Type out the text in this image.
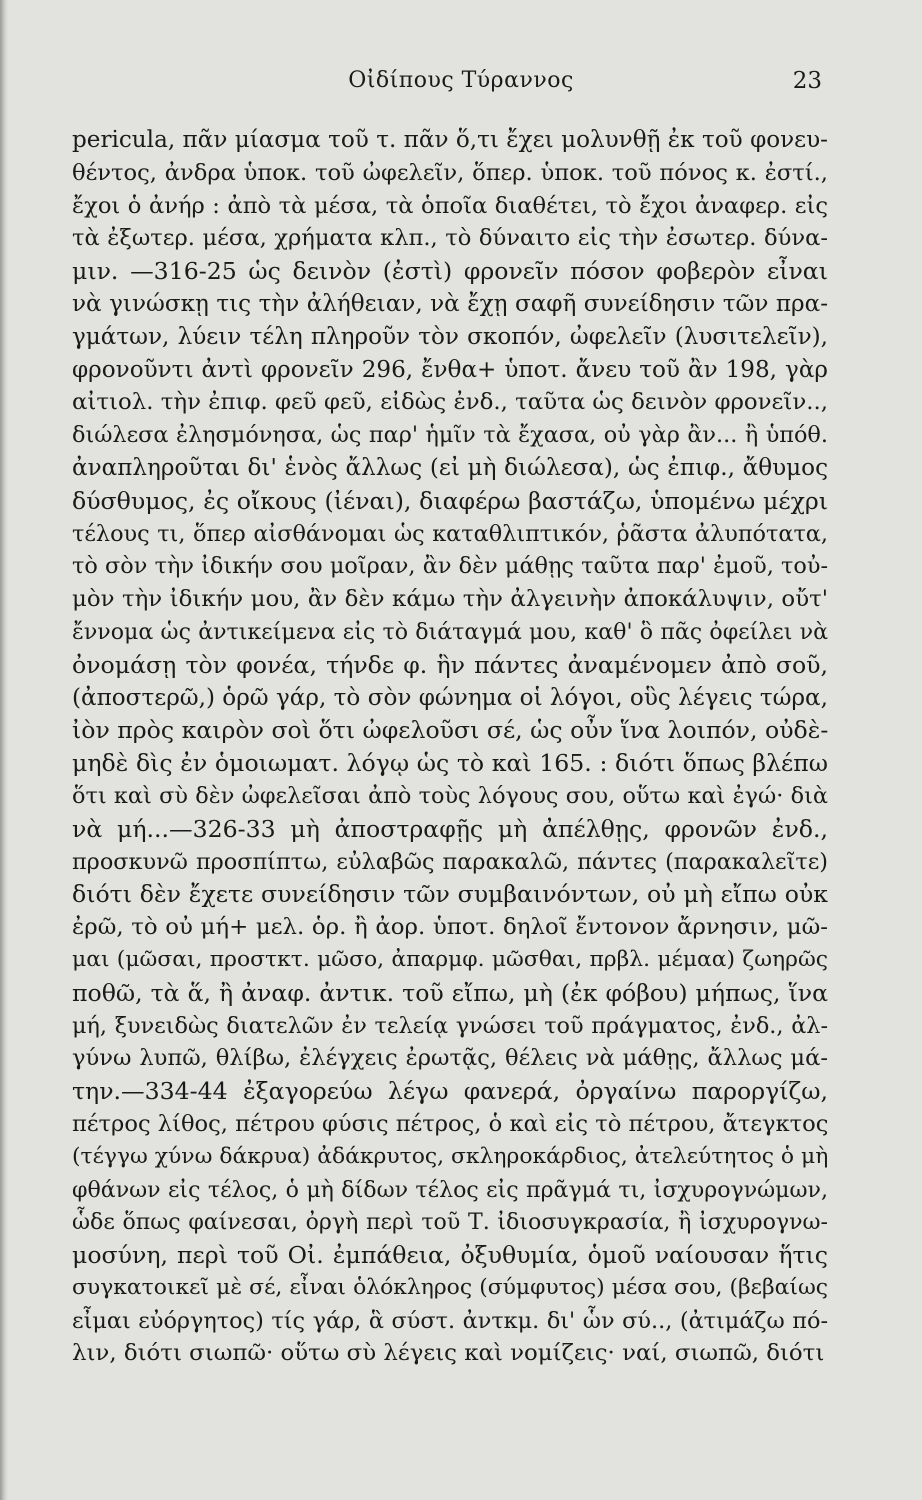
Οἰδίπους Τύραννος	23
pericula, πᾶν μίασμα τοῦ τ. πᾶν ὅ,τι ἔχει μολυνθῇ ἐκ τοῦ φονευ-
θέντος, ἀνδρα ὑποκ. τοῦ ὠφελεῖν, ὅπερ. ὑποκ. τοῦ πόνος κ. ἐστί.,
ἔχοι ὁ ἀνήρ : ἀπὸ τὰ μέσα, τὰ ὁποῖα διαθέτει, τὸ ἔχοι ἀναφερ. εἰς
τὰ ἐξωτερ. μέσα, χρήματα κλπ., τὸ δύναιτο εἰς τὴν ἐσωτερ. δύνα-
μιν. —316-25 ὡς δεινὸν (ἐστὶ) φρονεῖν πόσον φοβερὸν εἶναι
νὰ γινώσκῃ τις τὴν ἀλήθειαν, νὰ ἔχῃ σαφῆ συνείδησιν τῶν πρα-
γμάτων, λύειν τέλη πληροῦν τὸν σκοπόν, ὠφελεῖν (λυσιτελεῖν),
φρονοῦντι ἀντὶ φρονεῖν 296, ἔνθα+ ὑποτ. ἄνευ τοῦ ἂν 198, γὰρ
αἰτιολ. τὴν ἐπιφ. φεῦ φεῦ, εἰδὼς ἐνδ., ταῦτα ὡς δεινὸν φρονεῖν..,
διώλεσα ἐλησμόνησα, ὡς παρ' ἡμῖν τὰ ἔχασα, οὐ γὰρ ἂν... ἢ ὑπόθ.
ἀναπληροῦται δι' ἑνὸς ἄλλως (εἰ μὴ διώλεσα), ὡς ἐπιφ., ἄθυμος
δύσθυμος, ἐς οἴκους (ἰέναι), διαφέρω βαστάζω, ὑπομένω μέχρι
τέλους τι, ὅπερ αἰσθάνομαι ὡς καταθλιπτικόν, ῥᾶστα ἀλυπότατα,
τὸ σὸν τὴν ἰδικήν σου μοῖραν, ἂν δὲν μάθῃς ταῦτα παρ' ἐμοῦ, τοὐ-
μὸν τὴν ἰδικήν μου, ἂν δὲν κάμω τὴν ἀλγεινὴν ἀποκάλυψιν, οὔτ'
ἔννομα ὡς ἀντικείμενα εἰς τὸ διάταγμά μου, καθ' ὃ πᾶς ὀφείλει νὰ
ὀνομάσῃ τὸν φονέα, τήνδε φ. ἣν πάντες ἀναμένομεν ἀπὸ σοῦ,
(ἀποστερῶ,) ὁρῶ γάρ, τὸ σὸν φώνημα οἱ λόγοι, οὓς λέγεις τώρα,
ἰὸν πρὸς καιρὸν σοὶ ὅτι ὠφελοῦσι σέ, ὡς οὖν ἵνα λοιπόν, οὐδὲ-
μηδὲ δὶς ἐν ὁμοιωματ. λόγῳ ὡς τὸ καὶ 165. : διότι ὅπως βλέπω
ὅτι καὶ σὺ δὲν ὠφελεῖσαι ἀπὸ τοὺς λόγους σου, οὕτω καὶ ἐγώ· διὰ
νὰ μή...—326-33 μὴ ἀποστραφῇς μὴ ἀπέλθῃς, φρονῶν ἐνδ.,
προσκυνῶ προσπίπτω, εὐλαβῶς παρακαλῶ, πάντες (παρακαλεῖτε)
διότι δὲν ἔχετε συνείδησιν τῶν συμβαινόντων, οὐ μὴ εἴπω οὐκ
ἐρῶ, τὸ οὐ μή+ μελ. ὁρ. ἢ ἀορ. ὑποτ. δηλοῖ ἔντονον ἄρνησιν, μῶ-
μαι (μῶσαι, προστκτ. μῶσο, ἀπαρμφ. μῶσθαι, πρβλ. μέμαα) ζωηρῶς
ποθῶ, τὰ ἅ, ἢ ἀναφ. ἀντικ. τοῦ εἴπω, μὴ (ἐκ φόβου) μήπως, ἵνα
μή, ξυνειδὼς διατελῶν ἐν τελείᾳ γνώσει τοῦ πράγματος, ἐνδ., ἀλ-
γύνω λυπῶ, θλίβω, ἐλέγχεις ἐρωτᾷς, θέλεις νὰ μάθῃς, ἄλλως μά-
την.—334-44 ἐξαγορεύω λέγω φανερά, ὀργαίνω παροργίζω,
πέτρος λίθος, πέτρου φύσις πέτρος, ὁ καὶ εἰς τὸ πέτρου, ἄτεγκτος
(τέγγω χύνω δάκρυα) ἀδάκρυτος, σκληροκάρδιος, ἀτελεύτητος ὁ μὴ
φθάνων εἰς τέλος, ὁ μὴ δίδων τέλος εἰς πρᾶγμά τι, ἰσχυρογνώμων,
ὧδε ὅπως φαίνεσαι, ὀργὴ περὶ τοῦ Τ. ἰδιοσυγκρασία, ἢ ἰσχυρογνω-
μοσύνη, περὶ τοῦ Οἰ. ἐμπάθεια, ὀξυθυμία, ὁμοῦ ναίουσαν ἥτις
συγκατοικεῖ μὲ σέ, εἶναι ὁλόκληρος (σύμφυτος) μέσα σου, (βεβαίως
εἶμαι εὐόργητος) τίς γάρ, ἃ σύστ. ἀντκμ. δι' ὧν σύ.., (ἀτιμάζω πό-
λιν, διότι σιωπῶ· οὕτω σὺ λέγεις καὶ νομίζεις· ναί, σιωπῶ, διότι
